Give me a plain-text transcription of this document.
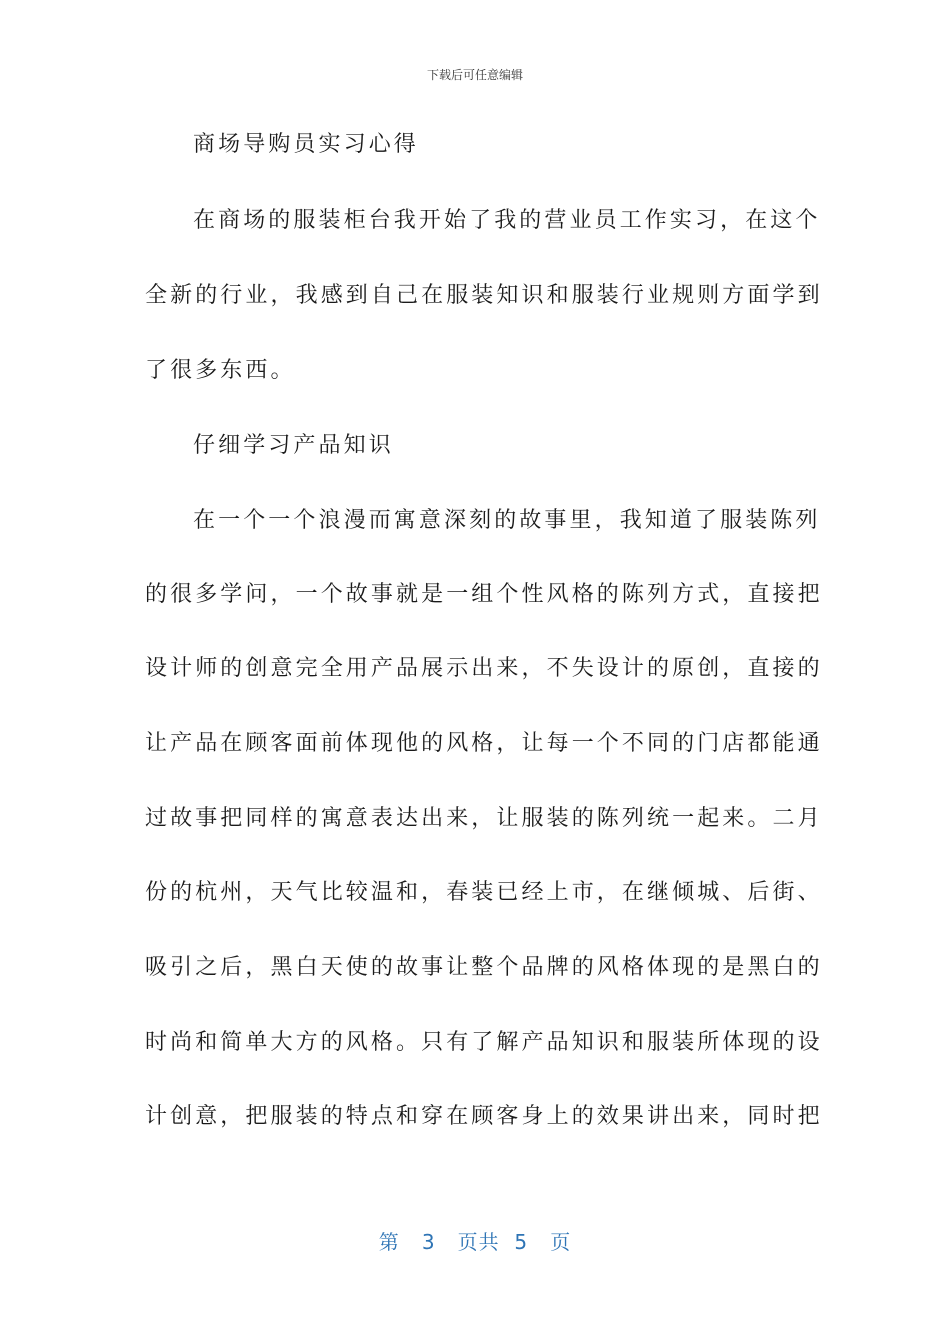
下载后可任意编辑
商场导购员实习心得
在商场的服装柜台我开始了我的营业员工作实习，在这个
全新的行业，我感到自己在服装知识和服装行业规则方面学到
了很多东西。
仔细学习产品知识
在一个一个浪漫而寓意深刻的故事里，我知道了服装陈列
的很多学问，一个故事就是一组个性风格的陈列方式，直接把
设计师的创意完全用产品展示出来，不失设计的原创，直接的
让产品在顾客面前体现他的风格，让每一个不同的门店都能通
过故事把同样的寓意表达出来，让服装的陈列统一起来。二月
份的杭州，天气比较温和，春装已经上市，在继倾城、后街、
吸引之后，黑白天使的故事让整个品牌的风格体现的是黑白的
时尚和简单大方的风格。只有了解产品知识和服装所体现的设
计创意，把服装的特点和穿在顾客身上的效果讲出来，同时把
第 3 页共 5 页
